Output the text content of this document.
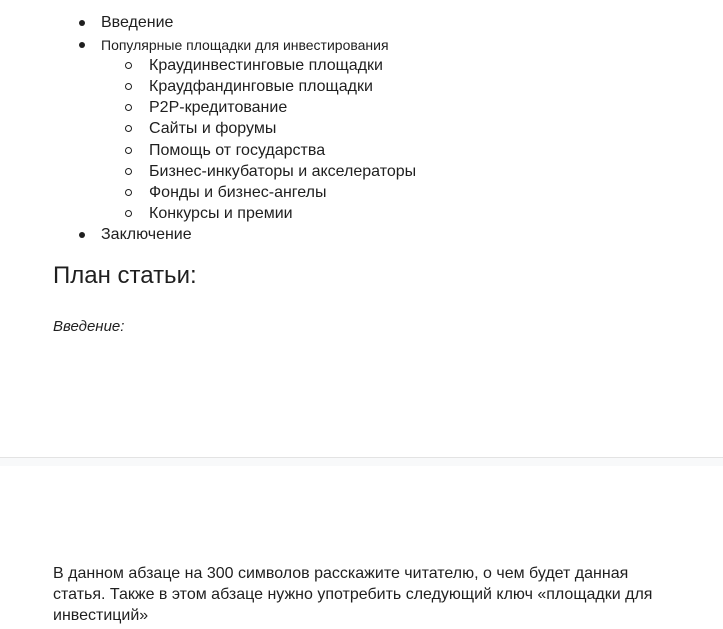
Введение
Популярные площадки для инвестирования
Краудинвестинговые площадки
Краудфандинговые площадки
P2P-кредитование
Сайты и форумы
Помощь от государства
Бизнес-инкубаторы и акселераторы
Фонды и бизнес-ангелы
Конкурсы и премии
Заключение
План статьи:
Введение:

В данном абзаце на 300 символов расскажите читателю, о чем будет данная статья. Также в этом абзаце нужно употребить следующий ключ «площадки для инвестиций»
